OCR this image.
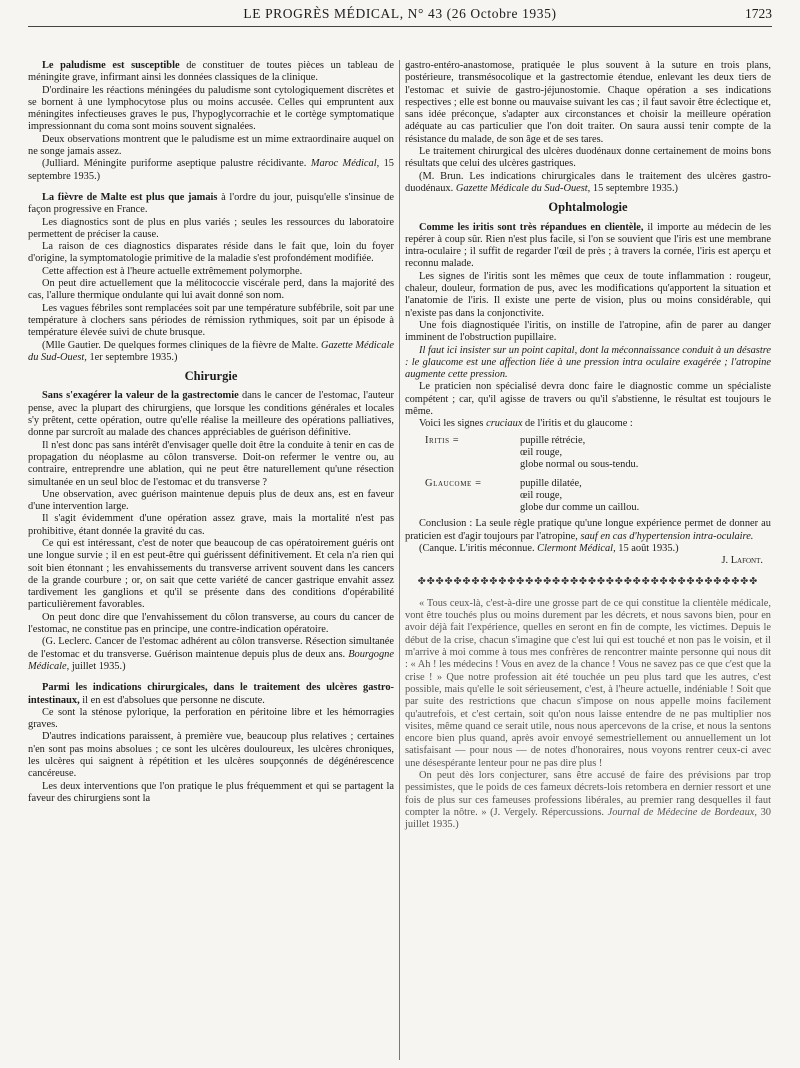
LE PROGRÈS MÉDICAL, N° 43 (26 Octobre 1935)	1723

Le paludisme est susceptible de constituer de toutes pièces un tableau de méningite grave, infirmant ainsi les données classiques de la clinique.

D'ordinaire les réactions méningées du paludisme sont cytologiquement discrètes et se bornent à une lymphocytose plus ou moins accusée. Celles qui empruntent aux méningites infectieuses graves le pus, l'hypoglycorrachie et le cortège symptomatique impressionnant du coma sont moins souvent signalées.

Deux observations montrent que le paludisme est un mime extraordinaire auquel on ne songe jamais assez.

(Julliard. Méningite puriforme aseptique palustre récidivante. Maroc Médical, 15 septembre 1935.)

La fièvre de Malte est plus que jamais à l'ordre du jour, puisqu'elle s'insinue de façon progressive en France.

Les diagnostics sont de plus en plus variés ; seules les ressources du laboratoire permettent de préciser la cause.

La raison de ces diagnostics disparates réside dans le fait que, loin du foyer d'origine, la symptomatologie primitive de la maladie s'est profondément modifiée.

Cette affection est à l'heure actuelle extrêmement polymorphe.

On peut dire actuellement que la mélitococcie viscérale perd, dans la majorité des cas, l'allure thermique ondulante qui lui avait donné son nom.

Les vagues fébriles sont remplacées soit par une température subfébrile, soit par une température à clochers sans périodes de rémission rythmiques, soit par un épisode à température élevée suivi de chute brusque.

(Mlle Gautier. De quelques formes cliniques de la fièvre de Malte. Gazette Médicale du Sud-Ouest, 1er septembre 1935.)

Chirurgie

Sans s'exagérer la valeur de la gastrectomie dans le cancer de l'estomac, l'auteur pense, avec la plupart des chirurgiens, que lorsque les conditions générales et locales s'y prêtent, cette opération, outre qu'elle réalise la meilleure des opérations palliatives, donne par surcroît au malade des chances appréciables de guérison définitive.

Il n'est donc pas sans intérêt d'envisager quelle doit être la conduite à tenir en cas de propagation du néoplasme au côlon transverse. Doit-on refermer le ventre ou, au contraire, entreprendre une ablation, qui ne peut être naturellement qu'une résection simultanée en un seul bloc de l'estomac et du transverse ?

Une observation, avec guérison maintenue depuis plus de deux ans, est en faveur d'une intervention large.

Il s'agit évidemment d'une opération assez grave, mais la mortalité n'est pas prohibitive, étant donnée la gravité du cas.

Ce qui est intéressant, c'est de noter que beaucoup de cas opératoirement guéris ont une longue survie ; il en est peut-être qui guérissent définitivement. Et cela n'a rien qui soit bien étonnant ; les envahissements du transverse arrivent souvent dans les cancers de la grande courbure ; or, on sait que cette variété de cancer gastrique envahit assez tardivement les ganglions et qu'il se présente dans des conditions d'opérabilité particulièrement favorables.

On peut donc dire que l'envahissement du côlon transverse, au cours du cancer de l'estomac, ne constitue pas en principe, une contre-indication opératoire.

(G. Leclerc. Cancer de l'estomac adhérent au côlon transverse. Résection simultanée de l'estomac et du transverse. Guérison maintenue depuis plus de deux ans. Bourgogne Médicale, juillet 1935.)

Parmi les indications chirurgicales, dans le traitement des ulcères gastro-intestinaux, il en est d'absolues que personne ne discute.

Ce sont la sténose pylorique, la perforation en péritoine libre et les hémorragies graves.

D'autres indications paraissent, à première vue, beaucoup plus relatives ; certaines n'en sont pas moins absolues ; ce sont les ulcères douloureux, les ulcères chroniques, les ulcères qui saignent à répétition et les ulcères soupçonnés de dégénérescence cancéreuse.

Les deux interventions que l'on pratique le plus fréquemment et qui se partagent la faveur des chirurgiens sont la

gastro-entéro-anastomose, pratiquée le plus souvent à la suture en trois plans, postérieure, transmésocolique et la gastrectomie étendue, enlevant les deux tiers de l'estomac et suivie de gastro-jéjunostomie. Chaque opération a ses indications respectives ; elle est bonne ou mauvaise suivant les cas ; il faut savoir être éclectique et, sans idée préconçue, s'adapter aux circonstances et choisir la meilleure opération adéquate au cas particulier que l'on doit traiter. On saura aussi tenir compte de la résistance du malade, de son âge et de ses tares.

Le traitement chirurgical des ulcères duodénaux donne certainement de moins bons résultats que celui des ulcères gastriques.

(M. Brun. Les indications chirurgicales dans le traitement des ulcères gastro-duodénaux. Gazette Médicale du Sud-Ouest, 15 septembre 1935.)

Ophtalmologie

Comme les iritis sont très répandues en clientèle, il importe au médecin de les repérer à coup sûr. Rien n'est plus facile, si l'on se souvient que l'iris est une membrane intra-oculaire ; il suffit de regarder l'œil de près ; à travers la cornée, l'iris est aperçu et reconnu malade.

Les signes de l'iritis sont les mêmes que ceux de toute inflammation : rougeur, chaleur, douleur, formation de pus, avec les modifications qu'apportent la situation et l'anatomie de l'iris. Il existe une perte de vision, plus ou moins considérable, qui n'existe pas dans la conjonctivite.

Une fois diagnostiquée l'iritis, on instille de l'atropine, afin de parer au danger imminent de l'obstruction pupillaire.

Il faut ici insister sur un point capital, dont la méconnaissance conduit à un désastre : le glaucome est une affection liée à une pression intra oculaire exagérée ; l'atropine augmente cette pression.

Le praticien non spécialisé devra donc faire le diagnostic comme un spécialiste compétent ; car, qu'il agisse de travers ou qu'il s'abstienne, le résultat est toujours le même.

Voici les signes cruciaux de l'iritis et du glaucome :

Iritis =	pupille rétrécie,
œil rouge,
globe normal ou sous-tendu.
Glaucome =	pupille dilatée,
œil rouge,
globe dur comme un caillou.

Conclusion : La seule règle pratique qu'une longue expérience permet de donner au praticien est d'agir toujours par l'atropine, sauf en cas d'hypertension intra-oculaire.

(Canque. L'iritis méconnue. Clermont Médical, 15 août 1935.)

J. Lafont.

✤✤✤✤✤✤✤✤✤✤✤✤✤✤✤✤✤✤✤✤✤✤✤✤✤✤✤✤✤✤✤✤✤✤✤✤✤✤

« Tous ceux-là, c'est-à-dire une grosse part de ce qui constitue la clientèle médicale, vont être touchés plus ou moins durement par les décrets, et nous savons bien, pour en avoir déjà fait l'expérience, quelles en seront en fin de compte, les victimes. Depuis le début de la crise, chacun s'imagine que c'est lui qui est touché et non pas le voisin, et il m'arrive à moi comme à tous mes confrères de rencontrer mainte personne qui nous dit : « Ah ! les médecins ! Vous en avez de la chance ! Vous ne savez pas ce que c'est que la crise ! » Que notre profession ait été touchée un peu plus tard que les autres, c'est possible, mais qu'elle le soit sérieusement, c'est, à l'heure actuelle, indéniable ! Soit que par suite des restrictions que chacun s'impose on nous appelle moins facilement qu'autrefois, et c'est certain, soit qu'on nous laisse entendre de ne pas multiplier nos visites, même quand ce serait utile, nous nous apercevons de la crise, et nous la sentons encore bien plus quand, après avoir envoyé semestriellement ou annuellement un lot satisfaisant — pour nous — de notes d'honoraires, nous voyons rentrer ceux-ci avec une désespérante lenteur pour ne pas dire plus !

On peut dès lors conjecturer, sans être accusé de faire des prévisions par trop pessimistes, que le poids de ces fameux décrets-lois retombera en dernier ressort et une fois de plus sur ces fameuses professions libérales, au premier rang desquelles il faut compter la nôtre. » (J. Vergely. Répercussions. Journal de Médecine de Bordeaux, 30 juillet 1935.)
